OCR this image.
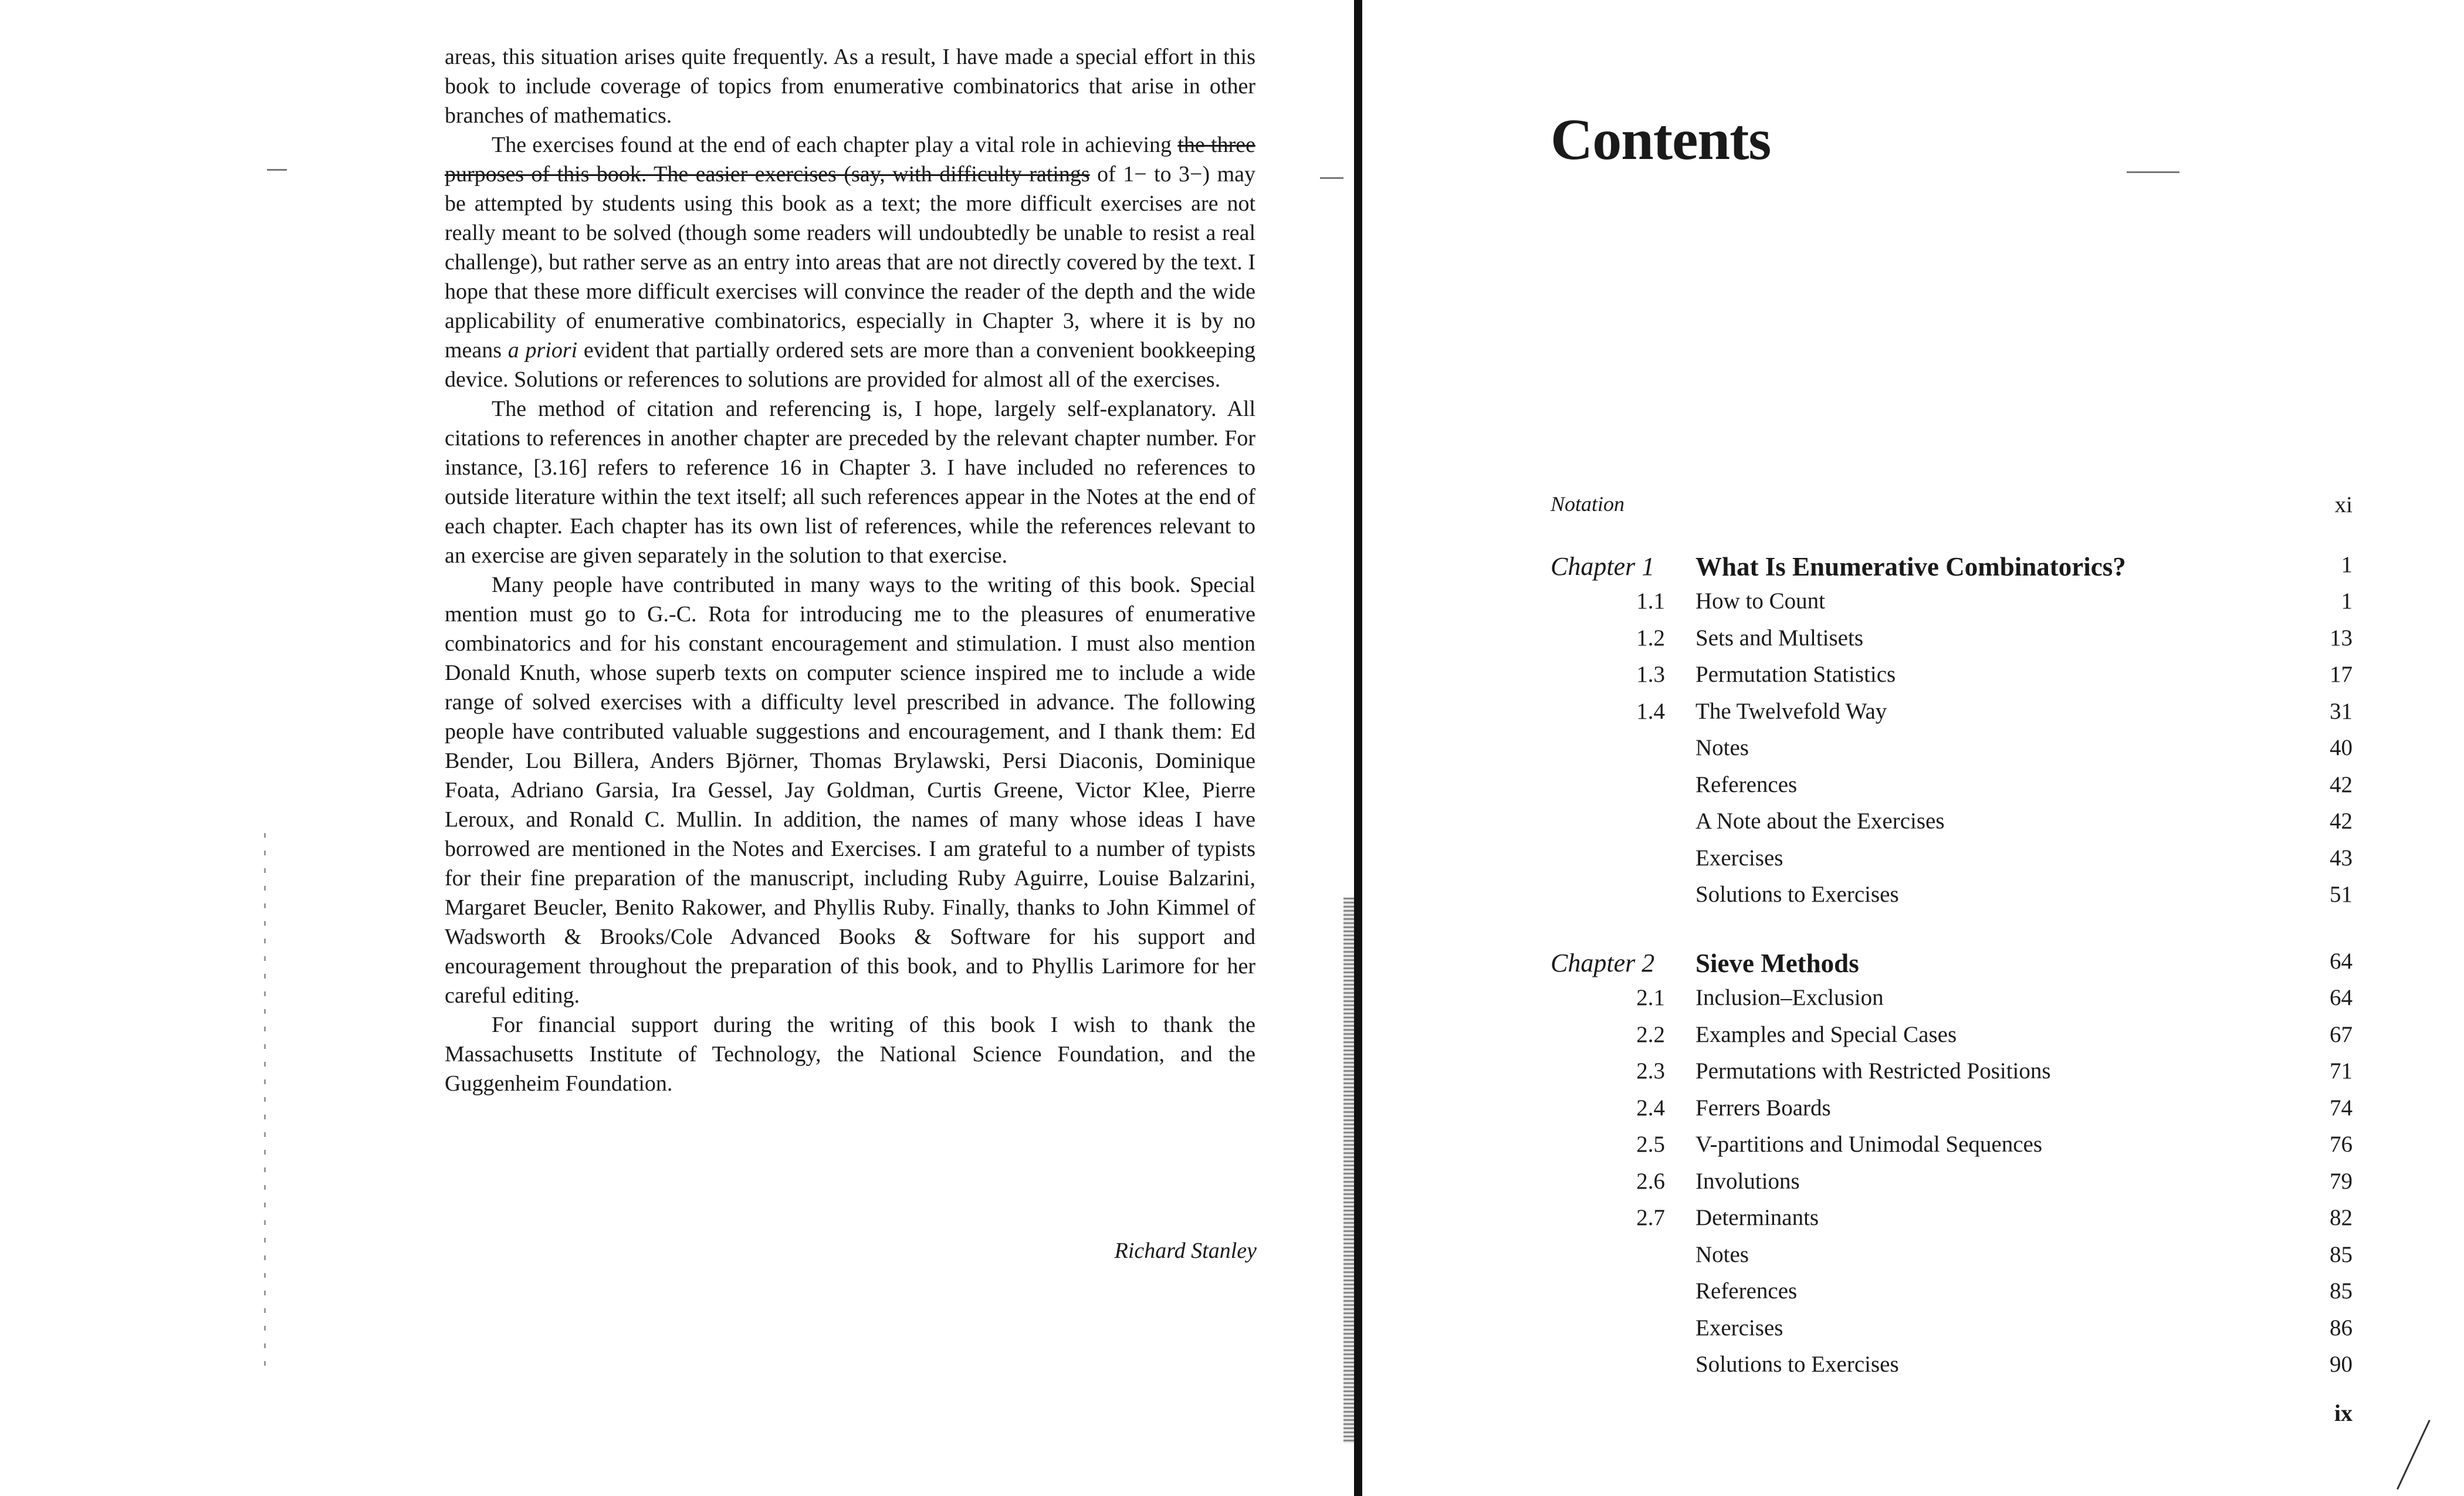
areas, this situation arises quite frequently. As a result, I have made a special effort in this book to include coverage of topics from enumerative combinatorics that arise in other branches of mathematics.

The exercises found at the end of each chapter play a vital role in achieving the three purposes of this book. The easier exercises (say, with difficulty ratings of 1− to 3−) may be attempted by students using this book as a text; the more difficult exercises are not really meant to be solved (though some readers will undoubtedly be unable to resist a real challenge), but rather serve as an entry into areas that are not directly covered by the text. I hope that these more difficult exercises will convince the reader of the depth and the wide applicability of enumerative combinatorics, especially in Chapter 3, where it is by no means a priori evident that partially ordered sets are more than a convenient bookkeeping device. Solutions or references to solutions are provided for almost all of the exercises.

The method of citation and referencing is, I hope, largely self-explanatory. All citations to references in another chapter are preceded by the relevant chapter number. For instance, [3.16] refers to reference 16 in Chapter 3. I have included no references to outside literature within the text itself; all such references appear in the Notes at the end of each chapter. Each chapter has its own list of references, while the references relevant to an exercise are given separately in the solution to that exercise.

Many people have contributed in many ways to the writing of this book. Special mention must go to G.-C. Rota for introducing me to the pleasures of enumerative combinatorics and for his constant encouragement and stimulation. I must also mention Donald Knuth, whose superb texts on computer science inspired me to include a wide range of solved exercises with a difficulty level prescribed in advance. The following people have contributed valuable suggestions and encouragement, and I thank them: Ed Bender, Lou Billera, Anders Björner, Thomas Brylawski, Persi Diaconis, Dominique Foata, Adriano Garsia, Ira Gessel, Jay Goldman, Curtis Greene, Victor Klee, Pierre Leroux, and Ronald C. Mullin. In addition, the names of many whose ideas I have borrowed are mentioned in the Notes and Exercises. I am grateful to a number of typists for their fine preparation of the manuscript, including Ruby Aguirre, Louise Balzarini, Margaret Beucler, Benito Rakower, and Phyllis Ruby. Finally, thanks to John Kimmel of Wadsworth & Brooks/Cole Advanced Books & Software for his support and encouragement throughout the preparation of this book, and to Phyllis Larimore for her careful editing.

For financial support during the writing of this book I wish to thank the Massachusetts Institute of Technology, the National Science Foundation, and the Guggenheim Foundation.

Richard Stanley
Contents
Notation	xi
Chapter 1 What Is Enumerative Combinatorics?	1
1.1 How to Count	1
1.2 Sets and Multisets	13
1.3 Permutation Statistics	17
1.4 The Twelvefold Way	31
Notes	40
References	42
A Note about the Exercises	42
Exercises	43
Solutions to Exercises	51
Chapter 2 Sieve Methods	64
2.1 Inclusion–Exclusion	64
2.2 Examples and Special Cases	67
2.3 Permutations with Restricted Positions	71
2.4 Ferrers Boards	74
2.5 V-partitions and Unimodal Sequences	76
2.6 Involutions	79
2.7 Determinants	82
Notes	85
References	85
Exercises	86
Solutions to Exercises	90
ix
